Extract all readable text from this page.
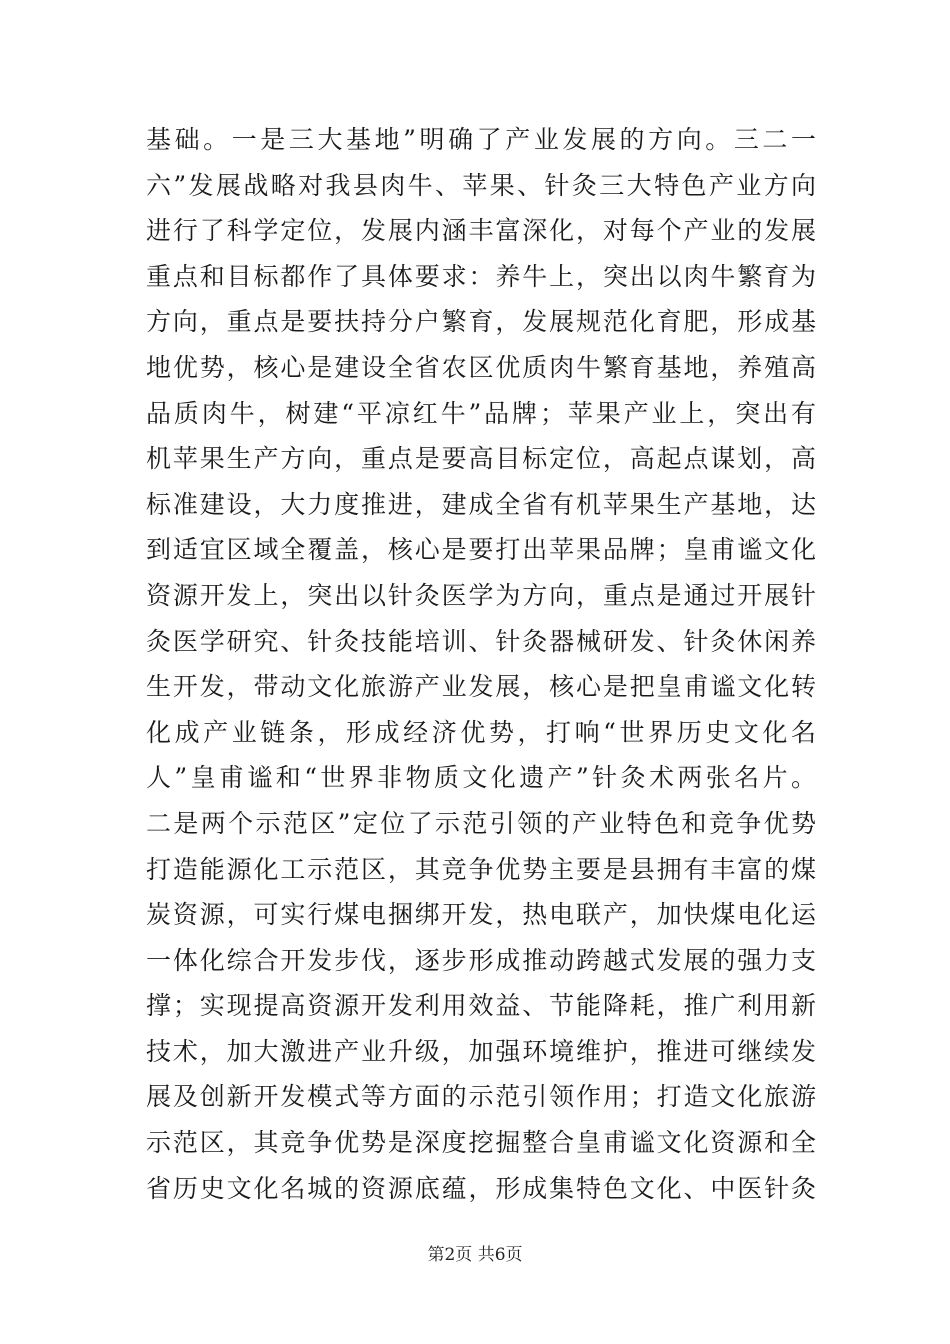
基础。一是三大基地”明确了产业发展的方向。三二一
六”发展战略对我县肉牛、苹果、针灸三大特色产业方向
进行了科学定位，发展内涵丰富深化，对每个产业的发展
重点和目标都作了具体要求：养牛上，突出以肉牛繁育为
方向，重点是要扶持分户繁育，发展规范化育肥，形成基
地优势，核心是建设全省农区优质肉牛繁育基地，养殖高
品质肉牛，树建“平凉红牛”品牌；苹果产业上，突出有
机苹果生产方向，重点是要高目标定位，高起点谋划，高
标准建设，大力度推进，建成全省有机苹果生产基地，达
到适宜区域全覆盖，核心是要打出苹果品牌；皇甫谧文化
资源开发上，突出以针灸医学为方向，重点是通过开展针
灸医学研究、针灸技能培训、针灸器械研发、针灸休闲养
生开发，带动文化旅游产业发展，核心是把皇甫谧文化转
化成产业链条，形成经济优势，打响“世界历史文化名
人”皇甫谧和“世界非物质文化遗产”针灸术两张名片。
二是两个示范区”定位了示范引领的产业特色和竞争优势
打造能源化工示范区，其竞争优势主要是县拥有丰富的煤
炭资源，可实行煤电捆绑开发，热电联产，加快煤电化运
一体化综合开发步伐，逐步形成推动跨越式发展的强力支
撑；实现提高资源开发利用效益、节能降耗，推广利用新
技术，加大激进产业升级，加强环境维护，推进可继续发
展及创新开发模式等方面的示范引领作用；打造文化旅游
示范区，其竞争优势是深度挖掘整合皇甫谧文化资源和全
省历史文化名城的资源底蕴，形成集特色文化、中医针灸
第2页 共6页
